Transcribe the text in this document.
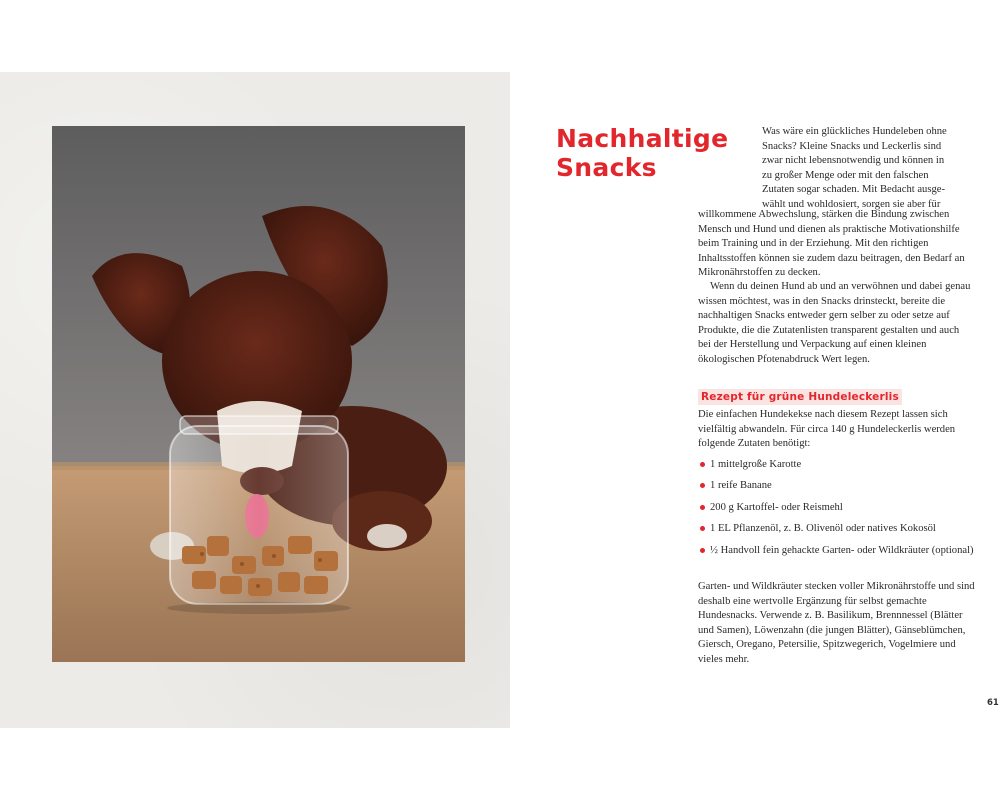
Nachhaltige
Snacks
Was wäre ein glückliches Hundeleben ohne
Snacks? Kleine Snacks und Leckerlis sind
zwar nicht lebensnotwendig und können in
zu großer Menge oder mit den falschen
Zutaten sogar schaden. Mit Bedacht ausge-
wählt und wohldosiert, sorgen sie aber für

willkommene Abwechslung, stärken die Bindung zwischen Mensch und Hund und dienen als praktische Motivationshilfe beim Training und in der Erziehung. Mit den richtigen Inhaltsstoffen können sie zudem dazu beitragen, den Bedarf an Mikronährstoffen zu decken.

Wenn du deinen Hund ab und an verwöhnen und dabei genau wissen möchtest, was in den Snacks drinsteckt, bereite die nachhaltigen Snacks entweder gern selber zu oder setze auf Produkte, die die Zutatenlisten transparent gestalten und auch bei der Herstellung und Verpackung auf einen kleinen ökologischen Pfotenabdruck Wert legen.

Rezept für grüne Hundeleckerlis

Die einfachen Hundekekse nach diesem Rezept lassen sich vielfältig abwandeln. Für circa 140 g Hundeleckerlis werden folgende Zutaten benötigt:

1 mittelgroße Karotte
1 reife Banane
200 g Kartoffel- oder Reismehl
1 EL Pflanzenöl, z. B. Olivenöl oder natives Kokosöl
½ Handvoll fein gehackte Garten- oder Wildkräuter (optional)

Garten- und Wildkräuter stecken voller Mikronährstoffe und sind deshalb eine wertvolle Ergänzung für selbst gemachte Hundesnacks. Verwende z. B. Basilikum, Brennnessel (Blätter und Samen), Löwenzahn (die jungen Blätter), Gänseblümchen, Giersch, Oregano, Petersilie, Spitzwegerich, Vogelmiere und vieles mehr.

61
